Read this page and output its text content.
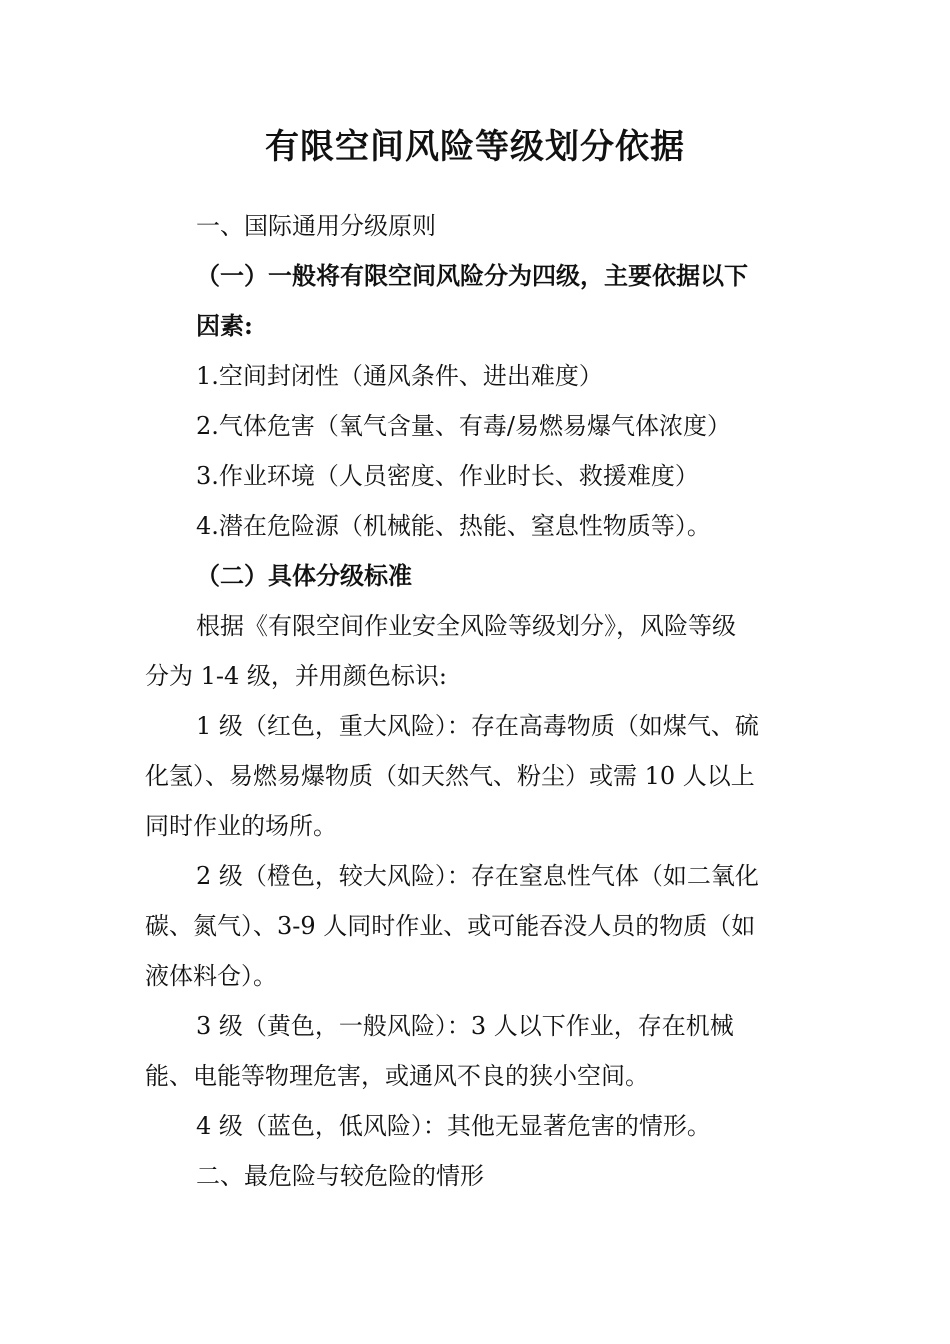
有限空间风险等级划分依据

一、国际通用分级原则

（一）一般将有限空间风险分为四级，主要依据以下

因素:

1.空间封闭性（通风条件、进出难度）

2.气体危害（氧气含量、有毒/易燃易爆气体浓度）

3.作业环境（人员密度、作业时长、救援难度）

4.潜在危险源（机械能、热能、窒息性物质等）。

（二）具体分级标准

根据《有限空间作业安全风险等级划分》，风险等级

分为 1-4 级，并用颜色标识:

1 级（红色，重大风险）：存在高毒物质（如煤气、硫

化氢）、易燃易爆物质（如天然气、粉尘）或需 10 人以上

同时作业的场所。

2 级（橙色，较大风险）：存在窒息性气体（如二氧化

碳、氮气）、3-9 人同时作业、或可能吞没人员的物质（如

液体料仓）。

3 级（黄色，一般风险）：3 人以下作业，存在机械

能、电能等物理危害，或通风不良的狭小空间。

4 级（蓝色，低风险）：其他无显著危害的情形。

二、最危险与较危险的情形
